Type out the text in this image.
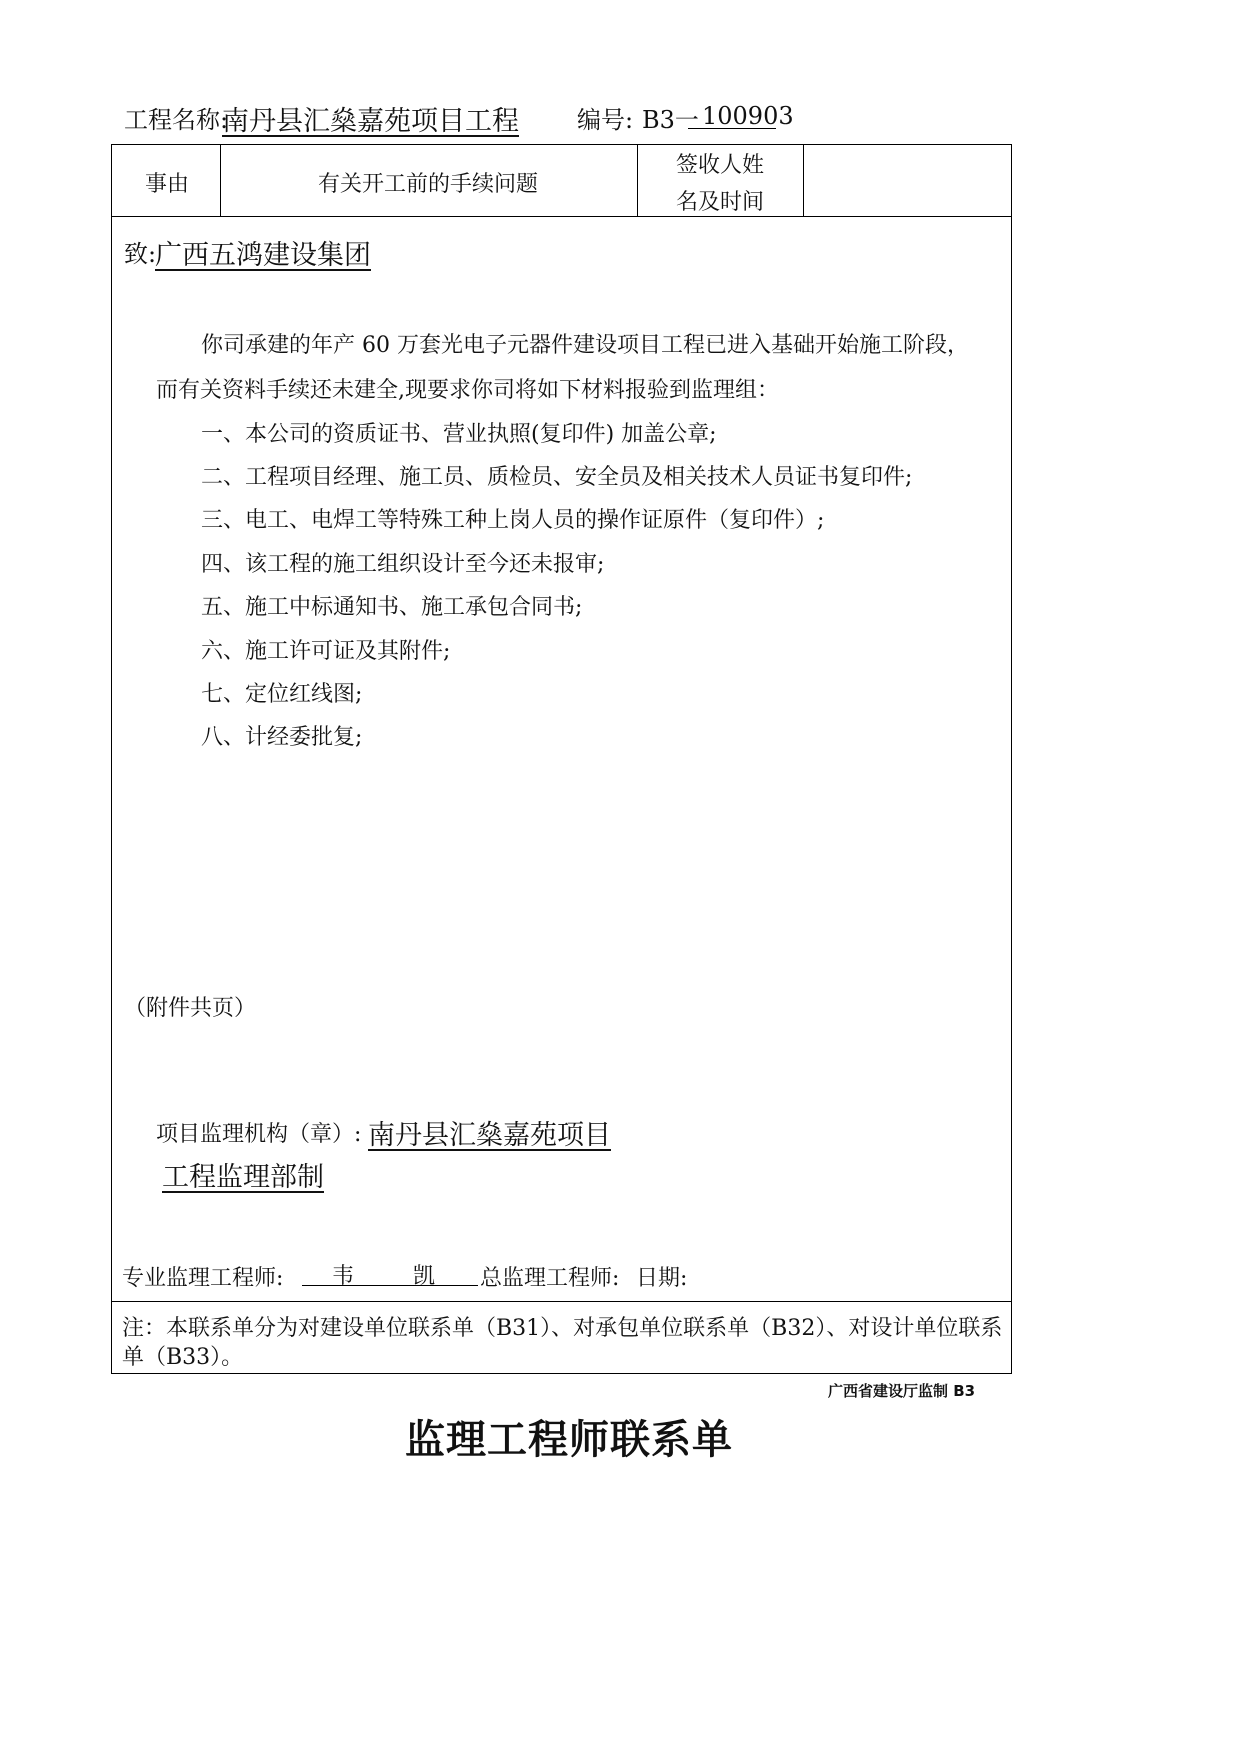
工程名称:
南丹县汇燊嘉苑项目工程 编号: B3一 100903
事由	有关开工前的手续问题
签收人姓
名及时间
致:
广西五鸿建设集团
你司承建的年产 60 万套光电子元器件建设项目工程已进入基础开始施工阶段，
而有关资料手续还未建全,现要求你司将如下材料报验到监理组：
一、本公司的资质证书、营业执照(复印件) 加盖公章;
二、工程项目经理、施工员、质检员、安全员及相关技术人员证书复印件;
三、电工、电焊工等特殊工种上岗人员的操作证原件（复印件）;
四、该工程的施工组织设计至今还未报审;
五、施工中标通知书、施工承包合同书;
六、施工许可证及其附件;
七、定位红线图;
八、计经委批复;
（附件共页）
项目监理机构（章）: 南丹县汇燊嘉苑项目
工程监理部制
专业监理工程师: 韦 凯 总监理工程师: 日期:
注：本联系单分为对建设单位联系单（B31）、对承包单位联系单（B32）、对设计单位联系
单（B33）。
广西省建设厅监制 B3
监理工程师联系单
